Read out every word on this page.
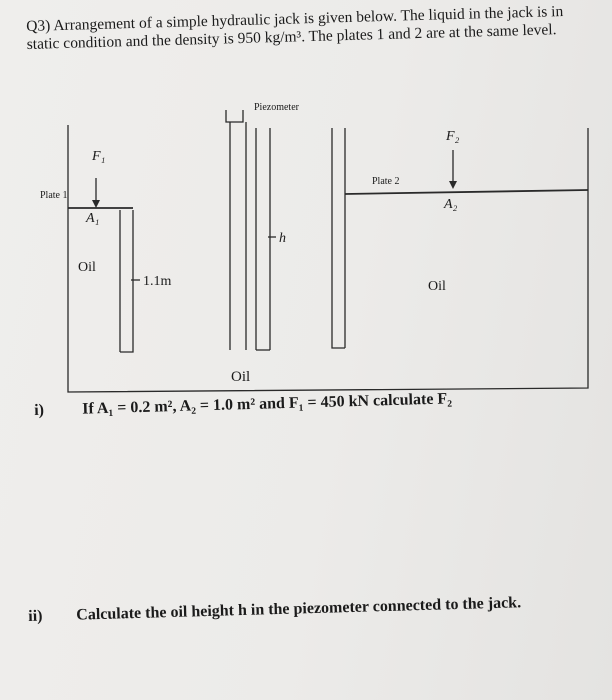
Q3) Arrangement of a simple hydraulic jack is given below. The liquid in the jack is in static condition and the density is 950 kg/m³. The plates 1 and 2 are at the same level.
Piezometer
F₁
F₂
Plate 1
Plate 2
A₁
A₂
Oil
Oil
Oil
1.1m
h
i) If A₁ = 0.2 m², A₂ = 1.0 m² and F₁ = 450 kN calculate F₂
ii) Calculate the oil height h in the piezometer connected to the jack.
